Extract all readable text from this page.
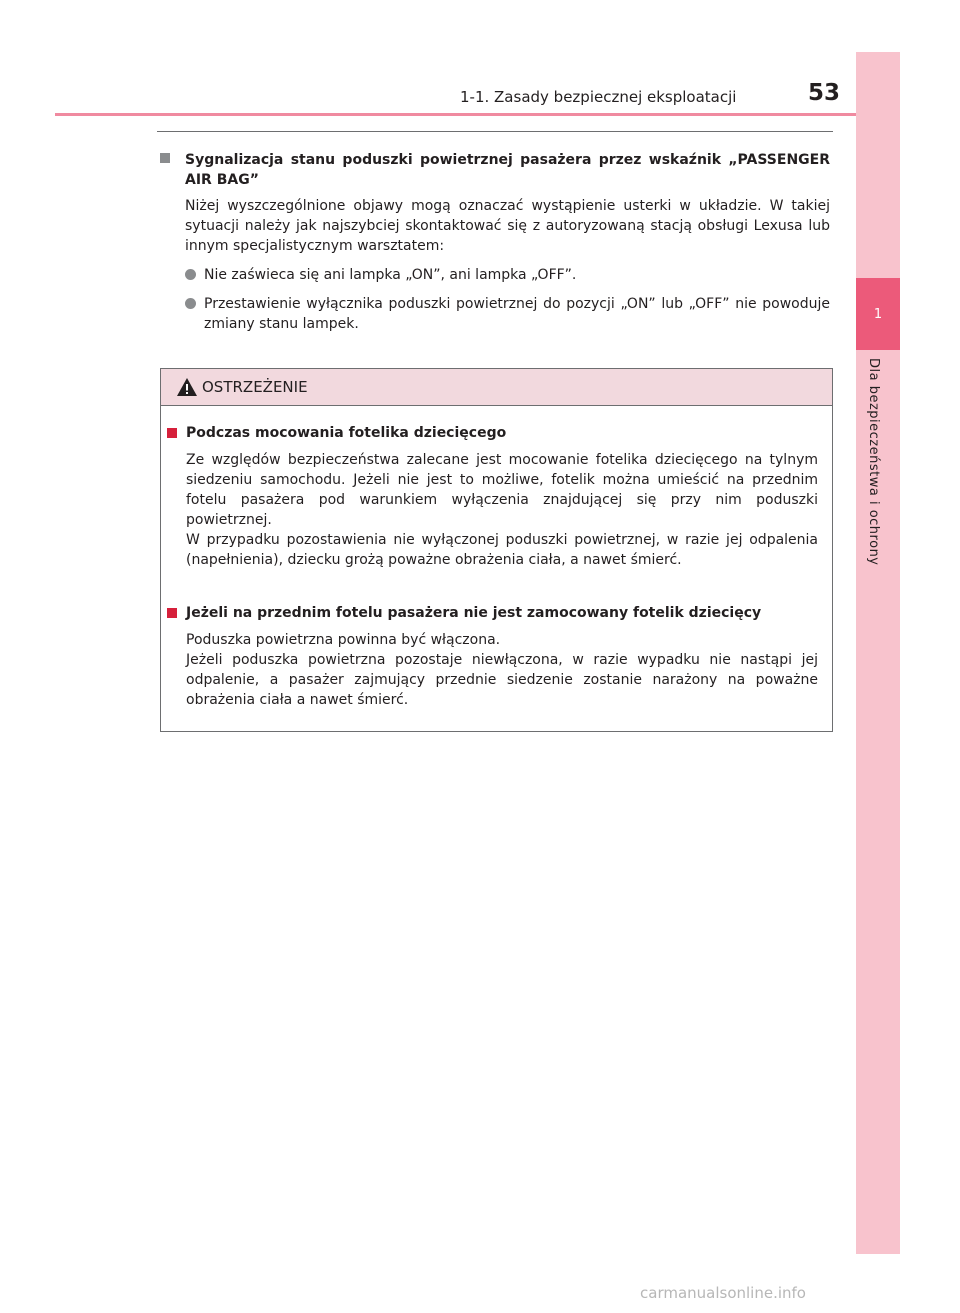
1
Dla bezpieczeństwa i ochrony
1-1. Zasady bezpiecznej eksploatacji	53
Sygnalizacja stanu poduszki powietrznej pasażera przez wskaźnik „PASSENGER AIR BAG”
Niżej wyszczególnione objawy mogą oznaczać wystąpienie usterki w układzie. W takiej sytuacji należy jak najszybciej skontaktować się z autoryzowaną stacją obsługi Lexusa lub innym specjalistycznym warsztatem:
Nie zaświeca się ani lampka „ON”, ani lampka „OFF”.
Przestawienie wyłącznika poduszki powietrznej do pozycji „ON” lub „OFF” nie powoduje zmiany stanu lampek.
OSTRZEŻENIE
Podczas mocowania fotelika dziecięcego
Ze względów bezpieczeństwa zalecane jest mocowanie fotelika dziecięcego na tylnym siedzeniu samochodu. Jeżeli nie jest to możliwe, fotelik można umieścić na przednim fotelu pasażera pod warunkiem wyłączenia znajdującej się przy nim poduszki powietrznej.
W przypadku pozostawienia nie wyłączonej poduszki powietrznej, w razie jej odpalenia (napełnienia), dziecku grożą poważne obrażenia ciała, a nawet śmierć.
Jeżeli na przednim fotelu pasażera nie jest zamocowany fotelik dziecięcy
Poduszka powietrzna powinna być włączona.
Jeżeli poduszka powietrzna pozostaje niewłączona, w razie wypadku nie nastąpi jej odpalenie, a pasażer zajmujący przednie siedzenie zostanie narażony na poważne obrażenia ciała a nawet śmierć.
carmanualsonline.info
